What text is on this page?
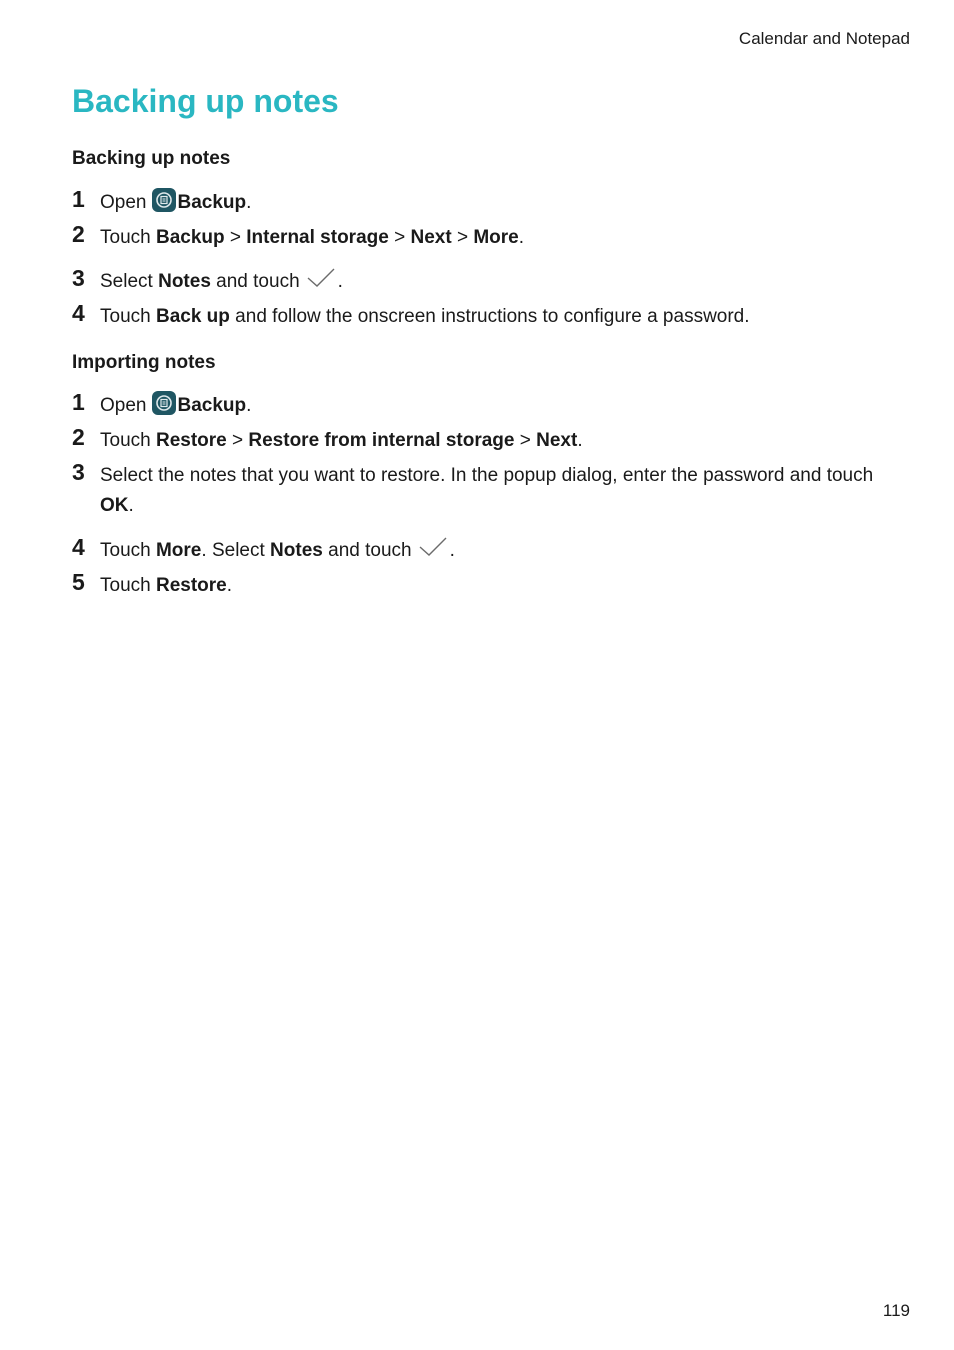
Calendar and Notepad
Backing up notes
Backing up notes
1 Open Backup.
2 Touch Backup > Internal storage > Next > More.
3 Select Notes and touch .
4 Touch Back up and follow the onscreen instructions to configure a password.
Importing notes
1 Open Backup.
2 Touch Restore > Restore from internal storage > Next.
3 Select the notes that you want to restore. In the popup dialog, enter the password and touch OK.
4 Touch More. Select Notes and touch .
5 Touch Restore.
119
